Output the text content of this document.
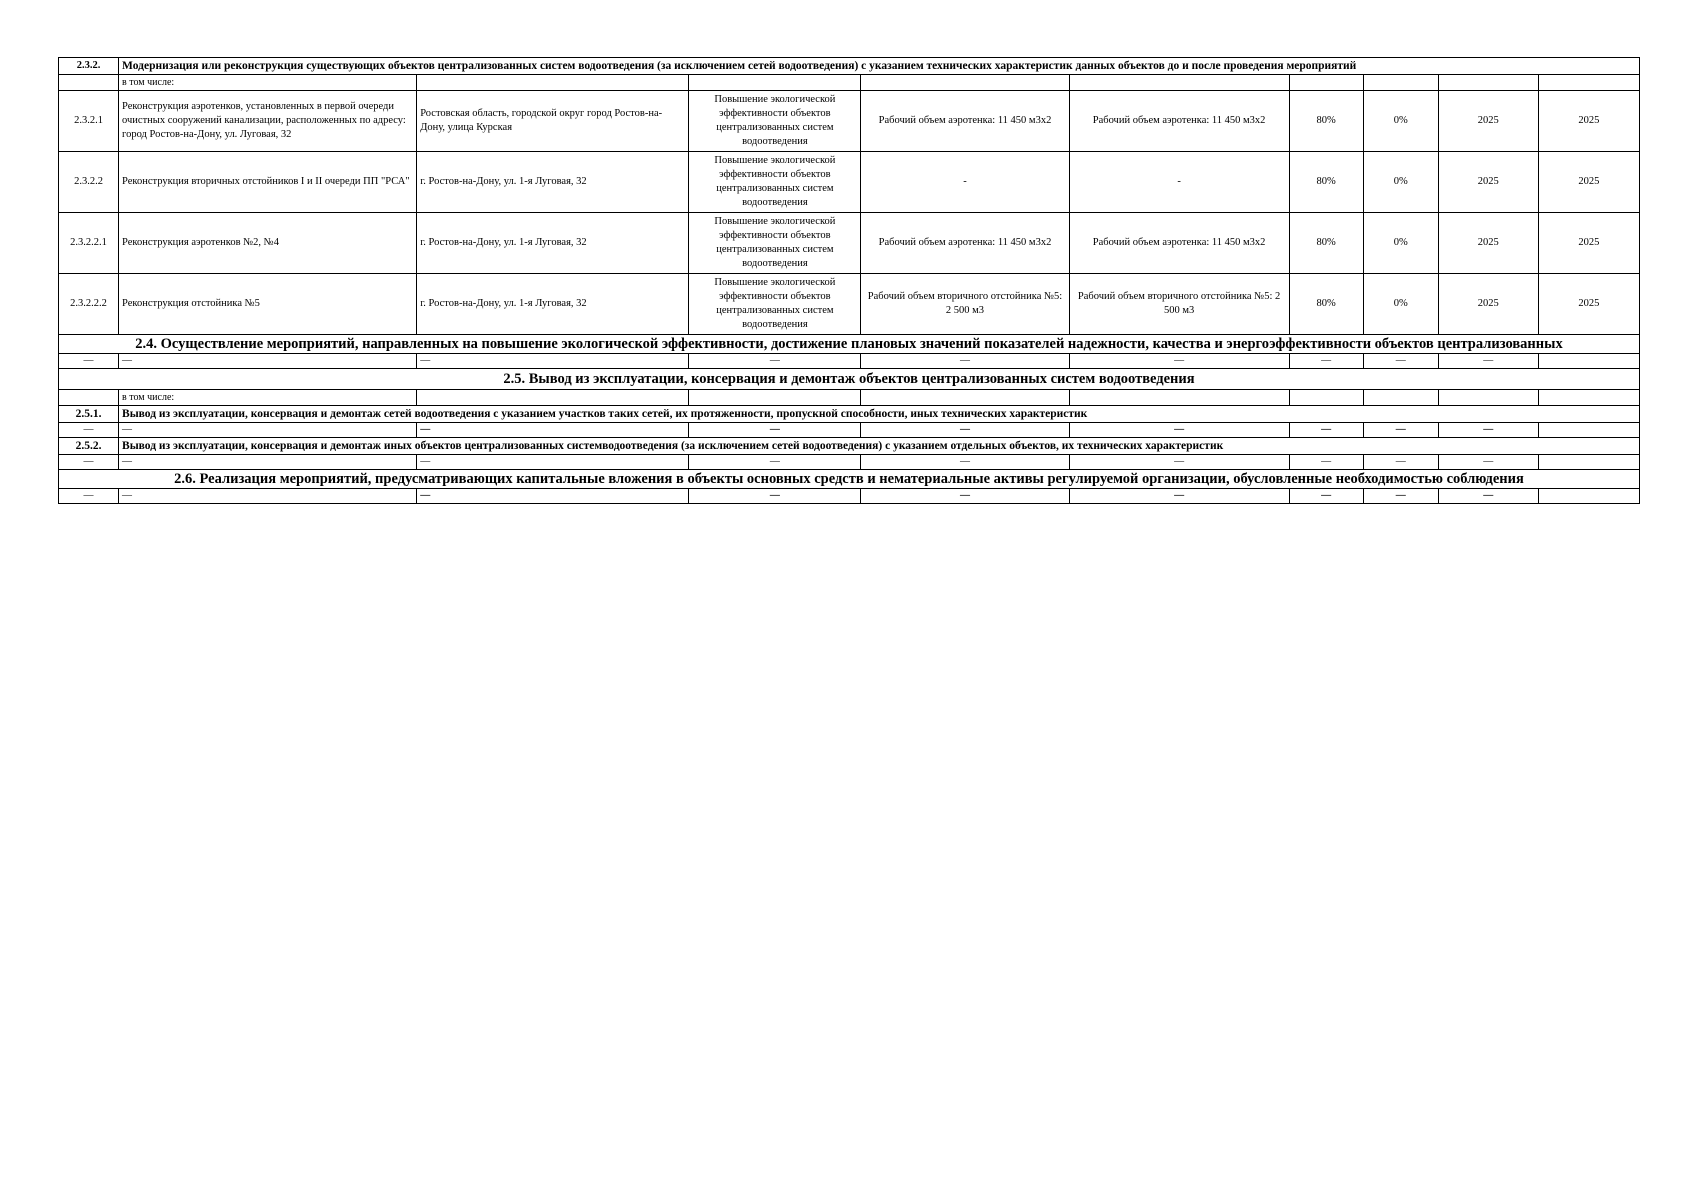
2.3.2.	Модернизация или реконструкция существующих объектов централизованных систем водоотведения (за исключением сетей водоотведения) с указанием технических характеристик данных объектов до и после проведения мероприятий								
	в том числе:								
2.3.2.1	Реконструкция аэротенков, установленных в первой очереди очистных сооружений канализации, расположенных по адресу: город Ростов-на-Дону, ул. Луговая, 32	Ростовская область, городской округ город Ростов-на-Дону, улица Курская	Повышение экологической эффективности объектов централизованных систем водоотведения	Рабочий объем аэротенка: 11 450 м3х2	Рабочий объем аэротенка: 11 450 м3х2	80%	0%	2025	2025
2.3.2.2	Реконструкция вторичных отстойников I и II очереди ПП "РСА"	г. Ростов-на-Дону, ул. 1-я Луговая, 32	Повышение экологической эффективности объектов централизованных систем водоотведения	-	-	80%	0%	2025	2025
2.3.2.2.1	Реконструкция аэротенков №2, №4	г. Ростов-на-Дону, ул. 1-я Луговая, 32	Повышение экологической эффективности объектов централизованных систем водоотведения	Рабочий объем аэротенка: 11 450 м3х2	Рабочий объем аэротенка: 11 450 м3х2	80%	0%	2025	2025
2.3.2.2.2	Реконструкция отстойника №5	г. Ростов-на-Дону, ул. 1-я Луговая, 32	Повышение экологической эффективности объектов централизованных систем водоотведения	Рабочий объем вторичного отстойника №5: 2 500 м3	Рабочий объем вторичного отстойника №5: 2 500 м3	80%	0%	2025	2025
2.4. Осуществление мероприятий, направленных на повышение экологической эффективности, достижение плановых значений показателей надежности, качества и энергоэффективности объектов централизованных									
—	—	—	—	—	—	—	—	—	
2.5. Вывод из эксплуатации, консервация и демонтаж объектов централизованных систем водоотведения									
	в том числе:								
2.5.1.	Вывод из эксплуатации, консервация и демонтаж сетей водоотведения с указанием участков таких сетей, их протяженности, пропускной способности, иных технических характеристик								
—	—	—	—	—	—	—	—	—	
2.5.2.	Вывод из эксплуатации, консервация и демонтаж иных объектов централизованных системводоотведения (за исключением сетей водоотведения) с указанием отдельных объектов, их технических характеристик								
—	—	—	—	—	—	—	—	—	
2.6. Реализация мероприятий, предусматривающих капитальные вложения в объекты основных средств и нематериальные активы регулируемой организации, обусловленные необходимостью соблюдения									
—	—	—	—	—	—	—	—	—	
